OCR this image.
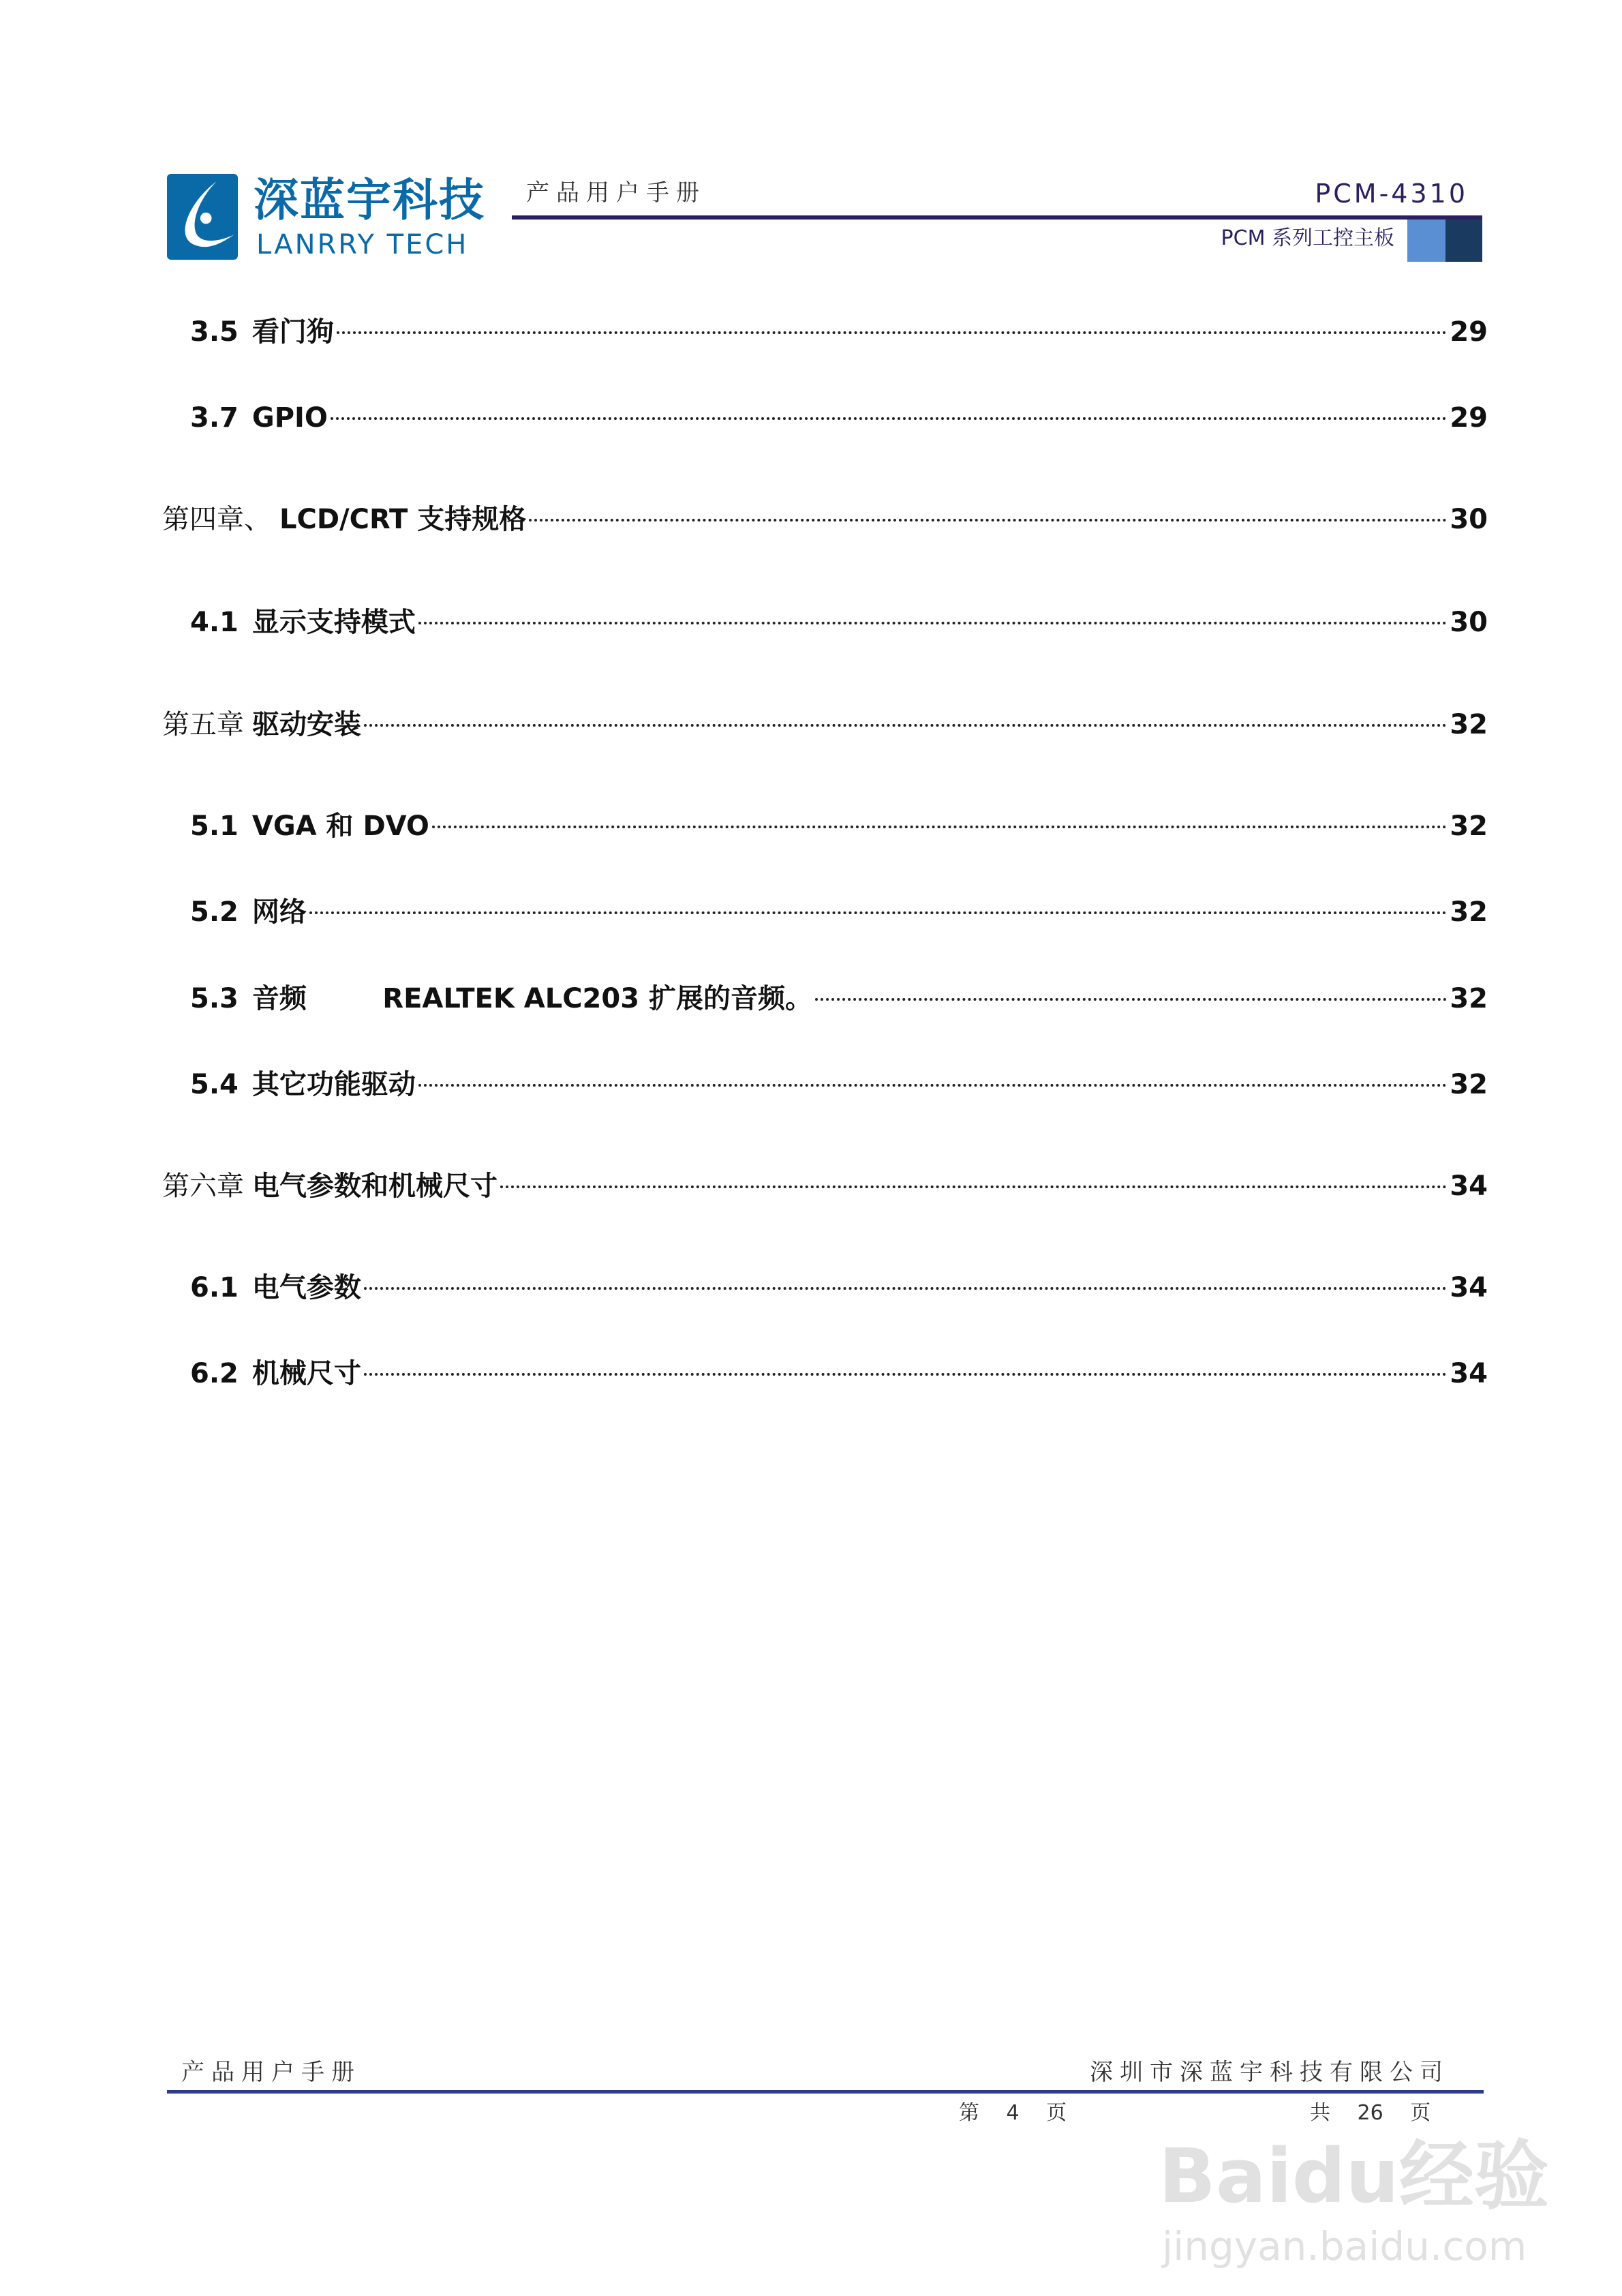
深蓝宇科技
LANRRY TECH
产品用户手册	PCM-4310
PCM 系列工控主板
3.5 看门狗	29
3.7 GPIO	29
第四章、 LCD/CRT 支持规格	30
4.1 显示支持模式	30
第五章 驱动安装	32
5.1 VGA 和 DVO	32
5.2 网络	32
5.3 音频        REALTEK ALC203 扩展的音频。	32
5.4 其它功能驱动	32
第六章 电气参数和机械尺寸	34
6.1 电气参数	34
6.2 机械尺寸	34
产品用户手册	深圳市深蓝宇科技有限公司
第 4 页	共 26 页
Baidu经验
jingyan.baidu.com
